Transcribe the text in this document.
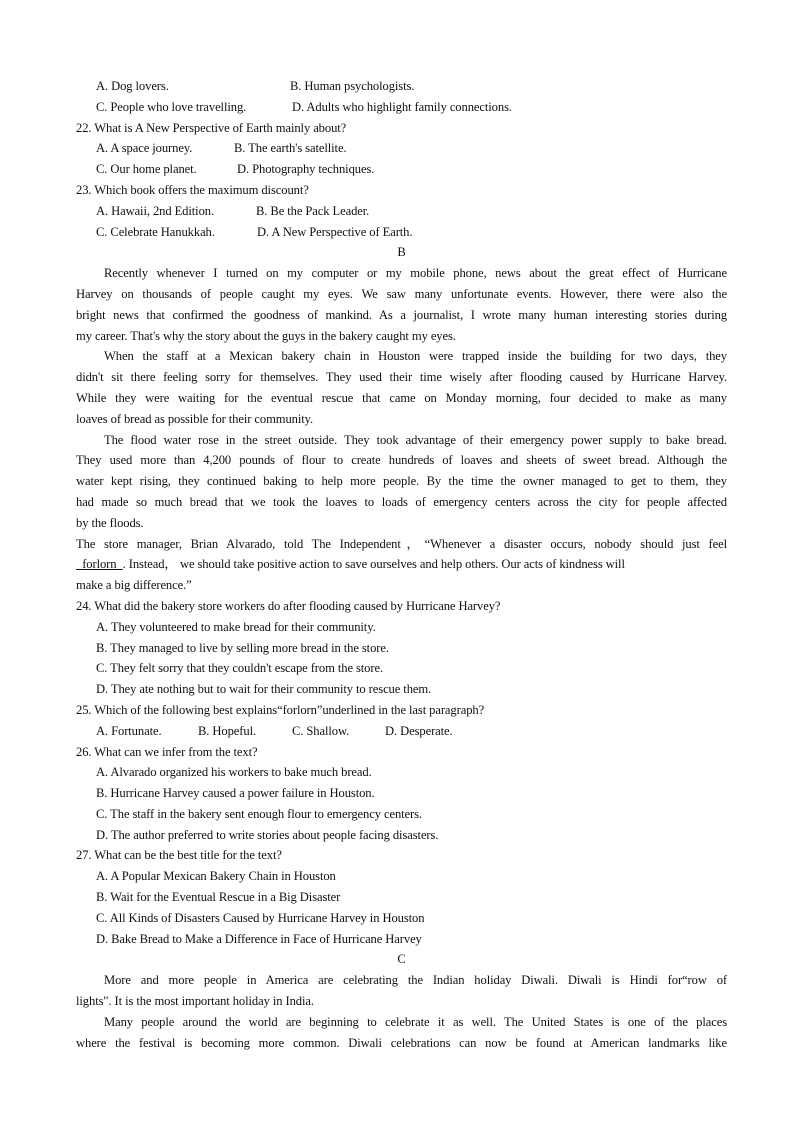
A. Dog lovers.	B. Human psychologists.
C. People who love travelling.	D. Adults who highlight family connections.
22. What is A New Perspective of Earth mainly about?
A. A space journey.	B. The earth's satellite.
C. Our home planet.	D. Photography techniques.
23. Which book offers the maximum discount?
A. Hawaii, 2nd Edition.	B. Be the Pack Leader.
C. Celebrate Hanukkah.	D. A New Perspective of Earth.
B
Recently whenever I turned on my computer or my mobile phone, news about the great effect of Hurricane
Harvey on thousands of people caught my eyes. We saw many unfortunate events. However, there were also the
bright news that confirmed the goodness of mankind. As a journalist, I wrote many human interesting stories during
my career. That's why the story about the guys in the bakery caught my eyes.
When the staff at a Mexican bakery chain in Houston were trapped inside the building for two days, they
didn't sit there feeling sorry for themselves. They used their time wisely after flooding caused by Hurricane Harvey.
While they were waiting for the eventual rescue that came on Monday morning, four decided to make as many
loaves of bread as possible for their community.
The flood water rose in the street outside. They took advantage of their emergency power supply to bake bread.
They used more than 4,200 pounds of flour to create hundreds of loaves and sheets of sweet bread. Although the
water kept rising, they continued baking to help more people. By the time the owner managed to get to them, they
had made so much bread that we took the loaves to loads of emergency centers across the city for people affected
by the floods.
The store manager, Brian Alvarado, told The Independent，“Whenever a disaster occurs, nobody should just feel
_forlorn_. Instead， we should take positive action to save ourselves and help others. Our acts of kindness will
make a big difference.”
24. What did the bakery store workers do after flooding caused by Hurricane Harvey?
A. They volunteered to make bread for their community.
B. They managed to live by selling more bread in the store.
C. They felt sorry that they couldn't escape from the store.
D. They ate nothing but to wait for their community to rescue them.
25. Which of the following best explains“forlorn”underlined in the last paragraph?
A. Fortunate.	B. Hopeful.	C. Shallow.	D. Desperate.
26. What can we infer from the text?
A. Alvarado organized his workers to bake much bread.
B. Hurricane Harvey caused a power failure in Houston.
C. The staff in the bakery sent enough flour to emergency centers.
D. The author preferred to write stories about people facing disasters.
27. What can be the best title for the text?
A. A Popular Mexican Bakery Chain in Houston
B. Wait for the Eventual Rescue in a Big Disaster
C. All Kinds of Disasters Caused by Hurricane Harvey in Houston
D. Bake Bread to Make a Difference in Face of Hurricane Harvey
C
More and more people in America are celebrating the Indian holiday Diwali. Diwali is Hindi for“row of
lights". It is the most important holiday in India.
Many people around the world are beginning to celebrate it as well. The United States is one of the places
where the festival is becoming more common. Diwali celebrations can now be found at American landmarks like
